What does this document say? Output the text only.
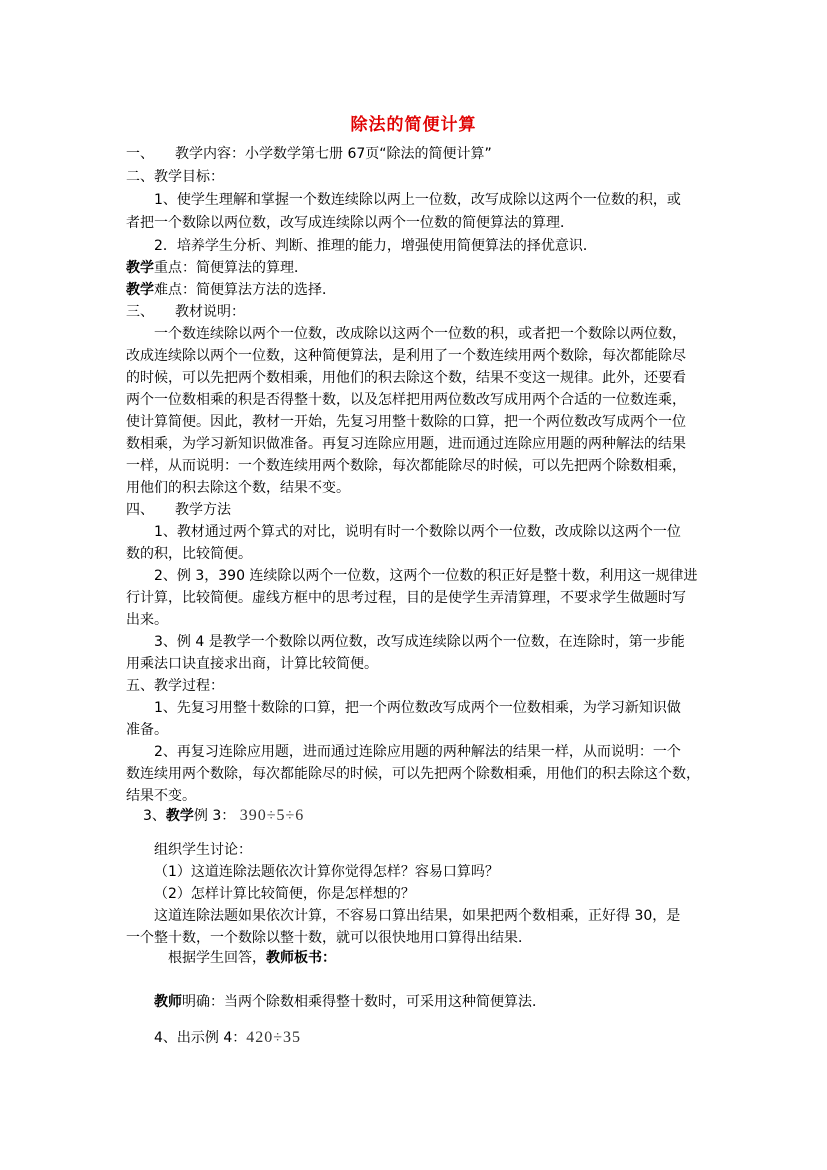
除法的简便计算
一、 教学内容：小学数学第七册 67页“除法的简便计算”
二、教学目标：
1、使学生理解和掌握一个数连续除以两上一位数，改写成除以这两个一位数的积，或
者把一个数除以两位数，改写成连续除以两个一位数的简便算法的算理．
2．培养学生分析、判断、推理的能力，增强使用简便算法的择优意识．
教学重点：简便算法的算理．
教学难点：简便算法方法的选择．
三、 教材说明：
一个数连续除以两个一位数，改成除以这两个一位数的积，或者把一个数除以两位数，
改成连续除以两个一位数，这种简便算法，是利用了一个数连续用两个数除，每次都能除尽
的时候，可以先把两个数相乘，用他们的积去除这个数，结果不变这一规律。此外，还要看
两个一位数相乘的积是否得整十数，以及怎样把用两位数改写成用两个合适的一位数连乘，
使计算简便。因此，教材一开始，先复习用整十数除的口算，把一个两位数改写成两个一位
数相乘，为学习新知识做准备。再复习连除应用题，进而通过连除应用题的两种解法的结果
一样，从而说明：一个数连续用两个数除，每次都能除尽的时候，可以先把两个除数相乘，
用他们的积去除这个数，结果不变。
四、 教学方法
1、教材通过两个算式的对比，说明有时一个数除以两个一位数，改成除以这两个一位
数的积，比较简便。
2、例 3，390 连续除以两个一位数，这两个一位数的积正好是整十数，利用这一规律进
行计算，比较简便。虚线方框中的思考过程，目的是使学生弄清算理，不要求学生做题时写
出来。
3、例 4 是教学一个数除以两位数，改写成连续除以两个一位数，在连除时，第一步能
用乘法口诀直接求出商，计算比较简便。
五、教学过程：
1、先复习用整十数除的口算，把一个两位数改写成两个一位数相乘，为学习新知识做
准备。
2、再复习连除应用题，进而通过连除应用题的两种解法的结果一样，从而说明：一个
数连续用两个数除，每次都能除尽的时候，可以先把两个除数相乘，用他们的积去除这个数，
结果不变。
3、教学例 3： 390÷5÷6
组织学生讨论：
（1）这道连除法题依次计算你觉得怎样？容易口算吗？
（2）怎样计算比较简便，你是怎样想的？
这道连除法题如果依次计算，不容易口算出结果，如果把两个数相乘，正好得 30，是
一个整十数，一个数除以整十数，就可以很快地用口算得出结果．
根据学生回答，教师板书：
教师明确：当两个除数相乘得整十数时，可采用这种简便算法．
4、出示例 4：420÷35
